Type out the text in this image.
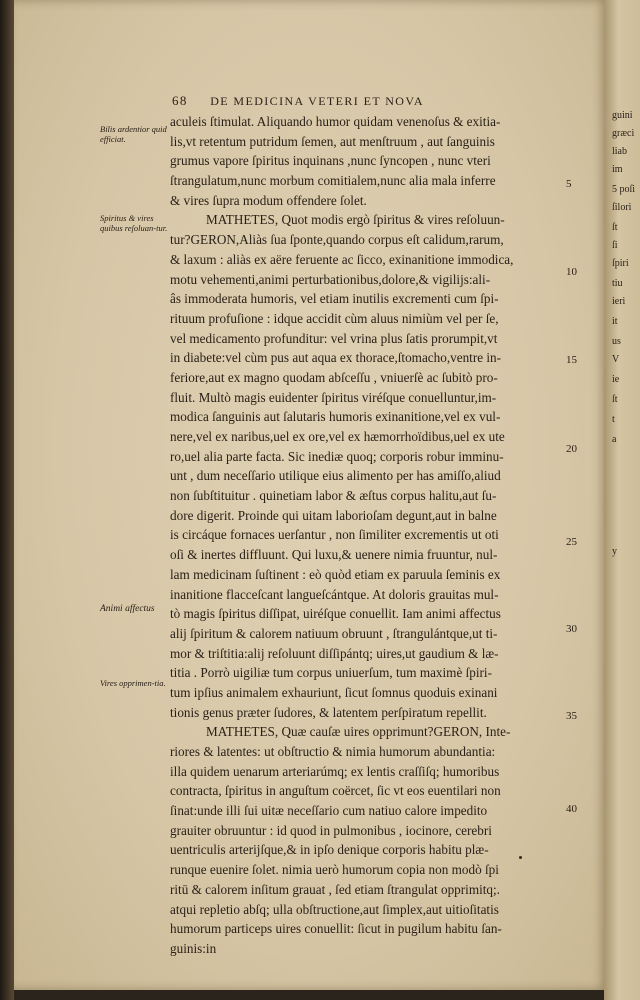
guini
græci
liab
im
5 poſi
ſilori
ſt
ſi
ſpiri
tiu
ieri
it
us
V
ie
ſt
t
a
y
68 DE MEDICINA VETERI ET NOVA
aculeis ſtimulat. Aliquando humor quidam venenoſus & exitia-
lis,vt retentum putridum ſemen, aut menſtruum , aut ſanguinis
grumus vapore ſpiritus inquinans ,nunc ſyncopen , nunc vteri
ſtrangulatum,nunc morbum comitialem,nunc alia mala inferre
& vires ſupra modum offendere ſolet.
MATHETES, Quot modis ergò ſpiritus & vires reſoluun-
tur?GERON,Aliàs ſua ſponte,quando corpus eſt calidum,rarum,
& laxum : aliàs ex aëre feruente ac ſicco, exinanitione immodica,
motu vehementi,animi perturbationibus,dolore,& vigilijs:ali-
âs immoderata humoris, vel etiam inutilis excrementi cum ſpi-
rituum profuſione : idque accidit cùm aluus nimiùm vel per ſe,
vel medicamento profunditur: vel vrina plus ſatis prorumpit,vt
in diabete:vel cùm pus aut aqua ex thorace,ſtomacho,ventre in-
feriore,aut ex magno quodam abſceſſu , vniuerſè ac ſubitò pro-
fluit. Multò magis euidenter ſpiritus viréſque conuelluntur,im-
modica ſanguinis aut ſalutaris humoris exinanitione,vel ex vul-
nere,vel ex naribus,uel ex ore,vel ex hæmorrhoïdibus,uel ex ute
ro,uel alia parte facta. Sic inediæ quoq; corporis robur imminu-
unt , dum neceſſario utilique eius alimento per has amiſſo,aliud
non ſubſtituitur . quinetiam labor & æſtus corpus halitu,aut ſu-
dore digerit. Proinde qui uitam laborioſam degunt,aut in balne
is circáque fornaces uerſantur , non ſimiliter excrementis ut oti
oſi & inertes diffluunt. Qui luxu,& uenere nimia fruuntur, nul-
lam medicinam ſuſtinent : eò quòd etiam ex paruula ſeminis ex
inanitione flacceſcant langueſcántque. At doloris grauitas mul-
tò magis ſpiritus diſſipat, uiréſque conuellit. Iam animi affectus
alij ſpiritum & calorem natiuum obruunt , ſtrangulántque,ut ti-
mor & triſtitia:alij reſoluunt diſſipántq; uires,ut gaudium & læ-
titia . Porrò uigiliæ tum corpus uniuerſum, tum maximè ſpiri-
tum ipſius animalem exhauriunt, ſicut ſomnus quoduis exinani
tionis genus præter ſudores, & latentem perſpiratum repellit.
MATHETES, Quæ cauſæ uires opprimunt?GERON, Inte-
riores & latentes: ut obſtructio & nimia humorum abundantia:
illa quidem uenarum arteriarúmq; ex lentis craſſiſq; humoribus
contracta, ſpiritus in anguſtum coërcet, ſic vt eos euentilari non
ſinat:unde illi ſui uitæ neceſſario cum natiuo calore impedito
grauiter obruuntur : id quod in pulmonibus , iocinore, cerebri
uentriculis arterijſque,& in ipſo denique corporis habitu plæ-
runque euenire ſolet. nimia uerò humorum copia non modò ſpi
ritū & calorem inſitum grauat , ſed etiam ſtrangulat opprimitq;.
atqui repletio abſq; ulla obſtructione,aut ſimplex,aut uitioſitatis
humorum particeps uires conuellit: ſicut in pugilum habitu ſan-
guinis:in
Bilis ardentior quid efficiat.
Spiritus & vires quibus reſoluan-tur.
Animi affectus
Vires opprimen-tia.
5
10
15
20
25
30
35
40
